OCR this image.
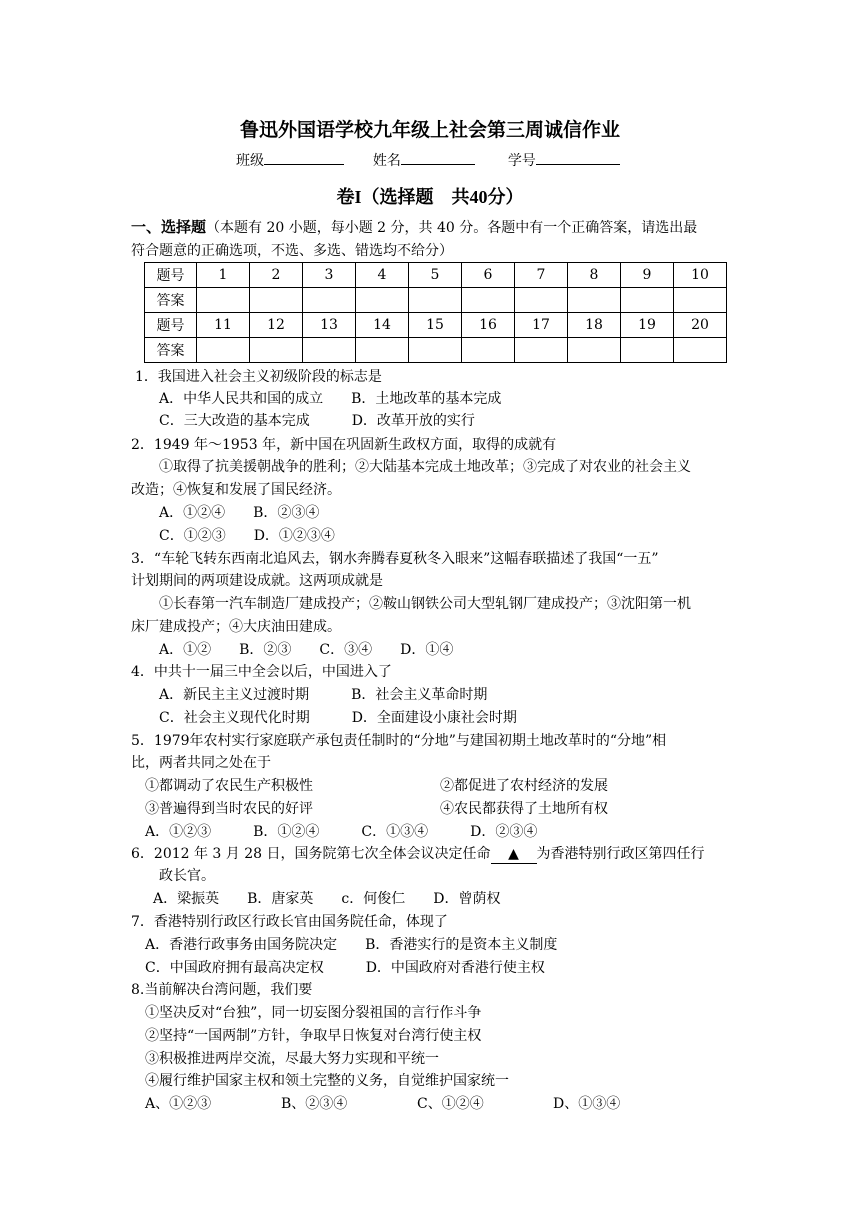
鲁迅外国语学校九年级上社会第三周诚信作业
班级	姓名	学号
卷I（选择题　共40分）
一、选择题（本题有 20 小题，每小题 2 分，共 40 分。各题中有一个正确答案，请选出最
符合题意的正确选项，不选、多选、错选均不给分）
题号	1	2	3	4	5	6	7	8	9	10
答案										
题号	11	12	13	14	15	16	17	18	19	20
答案										
1．我国进入社会主义初级阶段的标志是
A．中华人民共和国的成立　　B．土地改革的基本完成
C．三大改造的基本完成　　　D．改革开放的实行
2．1949 年～1953 年，新中国在巩固新生政权方面，取得的成就有
①取得了抗美援朝战争的胜利；②大陆基本完成土地改革；③完成了对农业的社会主义
改造；④恢复和发展了国民经济。
A．①②④　　B．②③④
C．①②③　　D．①②③④
3．“车轮飞转东西南北追风去，钢水奔腾春夏秋冬入眼来”这幅春联描述了我国“一五”
计划期间的两项建设成就。这两项成就是
①长春第一汽车制造厂建成投产；②鞍山钢铁公司大型轧钢厂建成投产；③沈阳第一机
床厂建成投产；④大庆油田建成。
A．①②　　B．②③　　C．③④　　D．①④
4．中共十一届三中全会以后，中国进入了
A．新民主主义过渡时期　　　B．社会主义革命时期
C．社会主义现代化时期　　　D．全面建设小康社会时期
5．1979年农村实行家庭联产承包责任制时的“分地”与建国初期土地改革时的“分地”相
比，两者共同之处在于
①都调动了农民生产积极性	②都促进了农村经济的发展
③普遍得到当时农民的好评	④农民都获得了土地所有权
A．①②③　　　B．①②④　　　C．①③④　　　D．②③④
6．2012 年 3 月 28 日，国务院第七次全体会议决定任命 ▲ 为香港特别行政区第四任行
政长官。
A．梁振英　　B．唐家英　　c．何俊仁　　D．曾荫权
7．香港特别行政区行政长官由国务院任命，体现了
A．香港行政事务由国务院决定　　B．香港实行的是资本主义制度
C．中国政府拥有最高决定权　　　D．中国政府对香港行使主权
8.当前解决台湾问题，我们要
①坚决反对“台独”，同一切妄图分裂祖国的言行作斗争
②坚持“一国两制”方针，争取早日恢复对台湾行使主权
③积极推进两岸交流，尽最大努力实现和平统一
④履行维护国家主权和领土完整的义务，自觉维护国家统一
A、①②③	B、②③④	C、①②④	D、①③④
